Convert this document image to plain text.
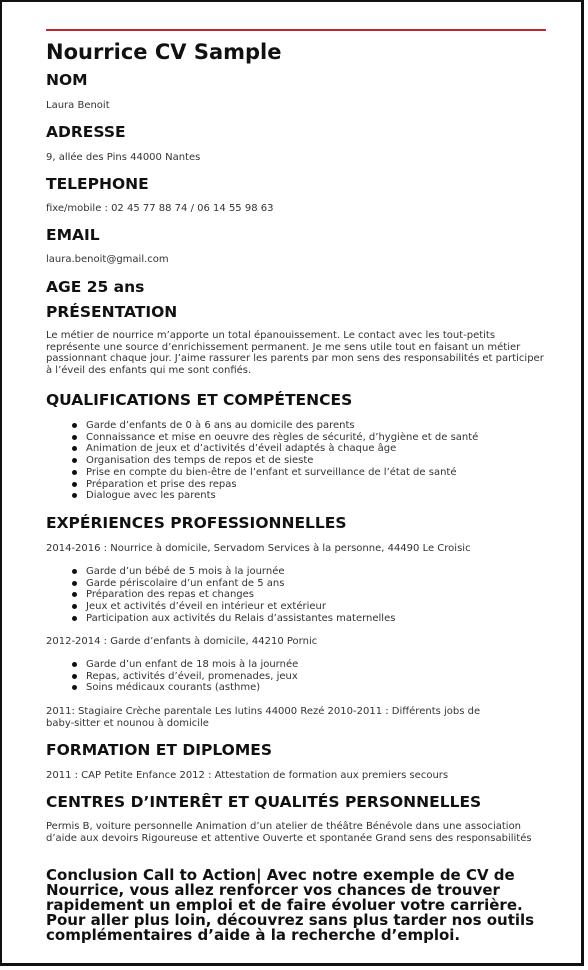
Nourrice CV Sample
NOM
Laura Benoit
ADRESSE
9, allée des Pins 44000 Nantes
TELEPHONE
fixe/mobile : 02 45 77 88 74 / 06 14 55 98 63
EMAIL
laura.benoit@gmail.com
AGE 25 ans
PRÉSENTATION
Le métier de nourrice m’apporte un total épanouissement. Le contact avec les tout-petits représente une source d’enrichissement permanent. Je me sens utile tout en faisant un métier passionnant chaque jour. J’aime rassurer les parents par mon sens des responsabilités et participer à l’éveil des enfants qui me sont confiés.
QUALIFICATIONS ET COMPÉTENCES
Garde d’enfants de 0 à 6 ans au domicile des parents
Connaissance et mise en oeuvre des règles de sécurité, d’hygiène et de santé
Animation de jeux et d’activités d’éveil adaptés à chaque âge
Organisation des temps de repos et de sieste
Prise en compte du bien-être de l’enfant et surveillance de l’état de santé
Préparation et prise des repas
Dialogue avec les parents
EXPÉRIENCES PROFESSIONNELLES
2014-2016 : Nourrice à domicile, Servadom Services à la personne, 44490 Le Croisic
Garde d’un bébé de 5 mois à la journée
Garde périscolaire d’un enfant de 5 ans
Préparation des repas et changes
Jeux et activités d’éveil en intérieur et extérieur
Participation aux activités du Relais d’assistantes maternelles
2012-2014 : Garde d’enfants à domicile, 44210 Pornic
Garde d’un enfant de 18 mois à la journée
Repas, activités d’éveil, promenades, jeux
Soins médicaux courants (asthme)
2011: Stagiaire Crèche parentale Les lutins 44000 Rezé 2010-2011 : Différents jobs de baby-sitter et nounou à domicile
FORMATION ET DIPLOMES
2011 : CAP Petite Enfance 2012 : Attestation de formation aux premiers secours
CENTRES D’INTERÊT ET QUALITÉS PERSONNELLES
Permis B, voiture personnelle Animation d’un atelier de théâtre Bénévole dans une association d’aide aux devoirs Rigoureuse et attentive Ouverte et spontanée Grand sens des responsabilités
Conclusion Call to Action| Avec notre exemple de CV de Nourrice, vous allez renforcer vos chances de trouver rapidement un emploi et de faire évoluer votre carrière. Pour aller plus loin, découvrez sans plus tarder nos outils complémentaires d’aide à la recherche d’emploi.
